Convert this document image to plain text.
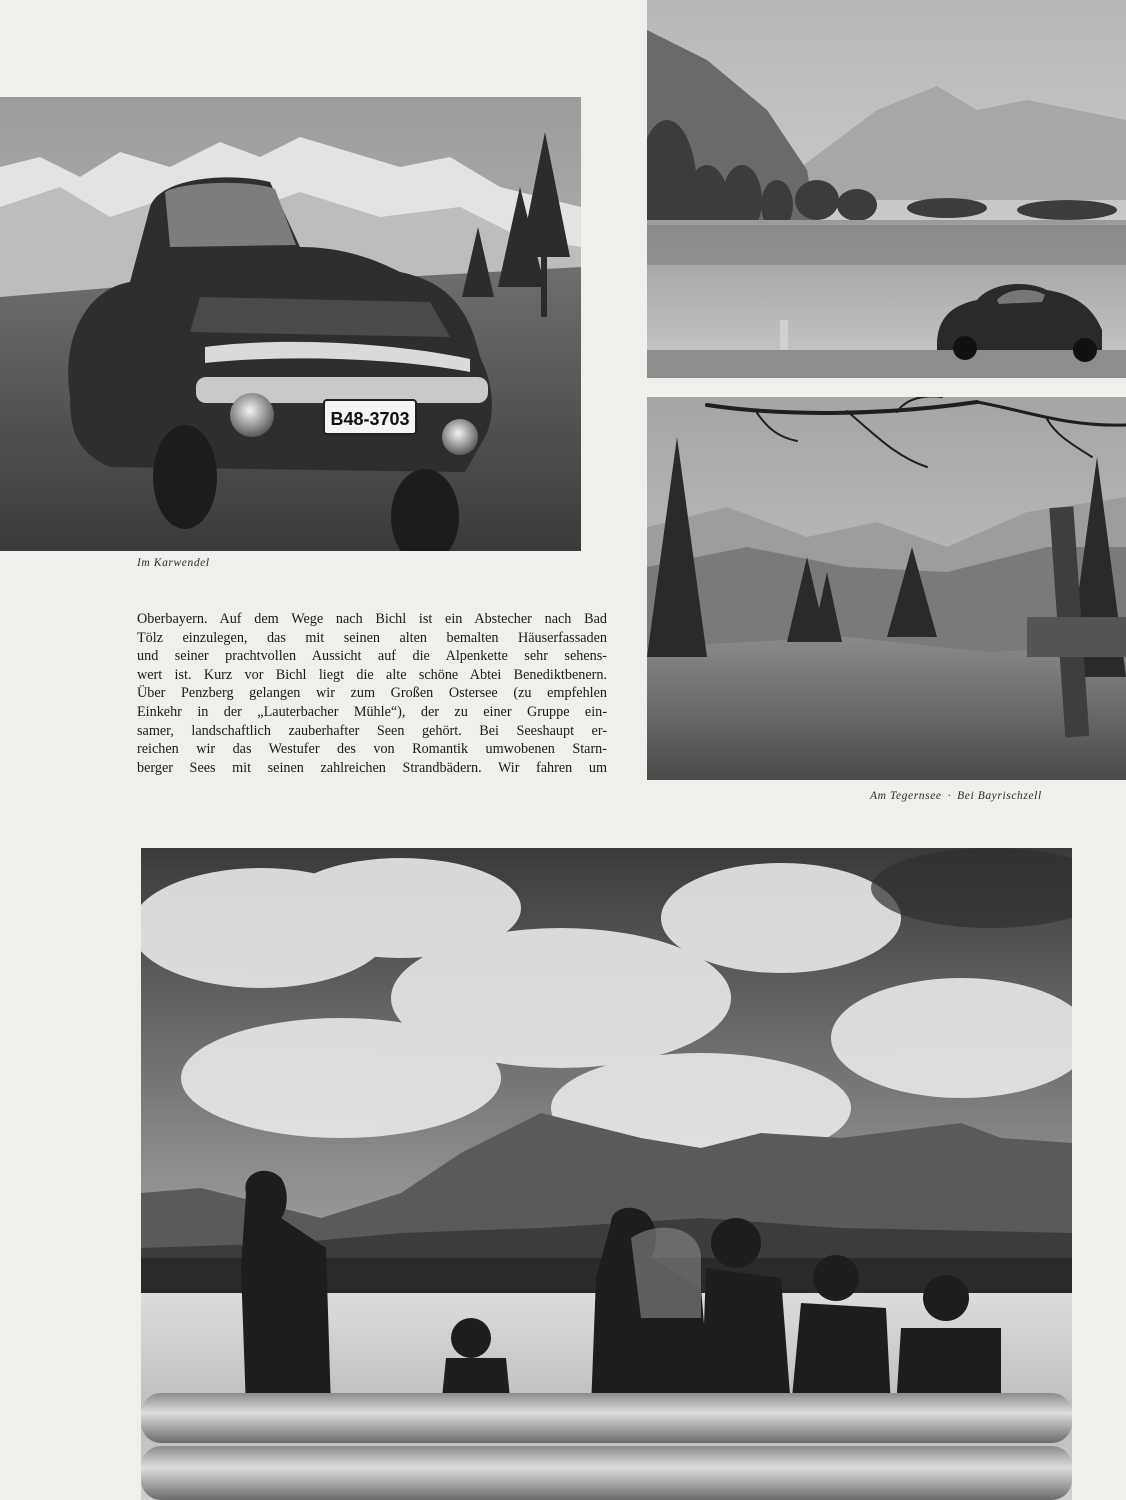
B48-3703
Im Karwendel
Am Tegernsee · Bei Bayrischzell
Oberbayern. Auf dem Wege nach Bichl ist ein Abstecher nach Bad
Tölz einzulegen, das mit seinen alten bemalten Häuserfassaden
und seiner prachtvollen Aussicht auf die Alpenkette sehr sehens-
wert ist. Kurz vor Bichl liegt die alte schöne Abtei Benediktbenern.
Über Penzberg gelangen wir zum Großen Ostersee (zu empfehlen
Einkehr in der „Lauterbacher Mühle“), der zu einer Gruppe ein-
samer, landschaftlich zauberhafter Seen gehört. Bei Seeshaupt er-
reichen wir das Westufer des von Romantik umwobenen Starn-
berger Sees mit seinen zahlreichen Strandbädern. Wir fahren um
